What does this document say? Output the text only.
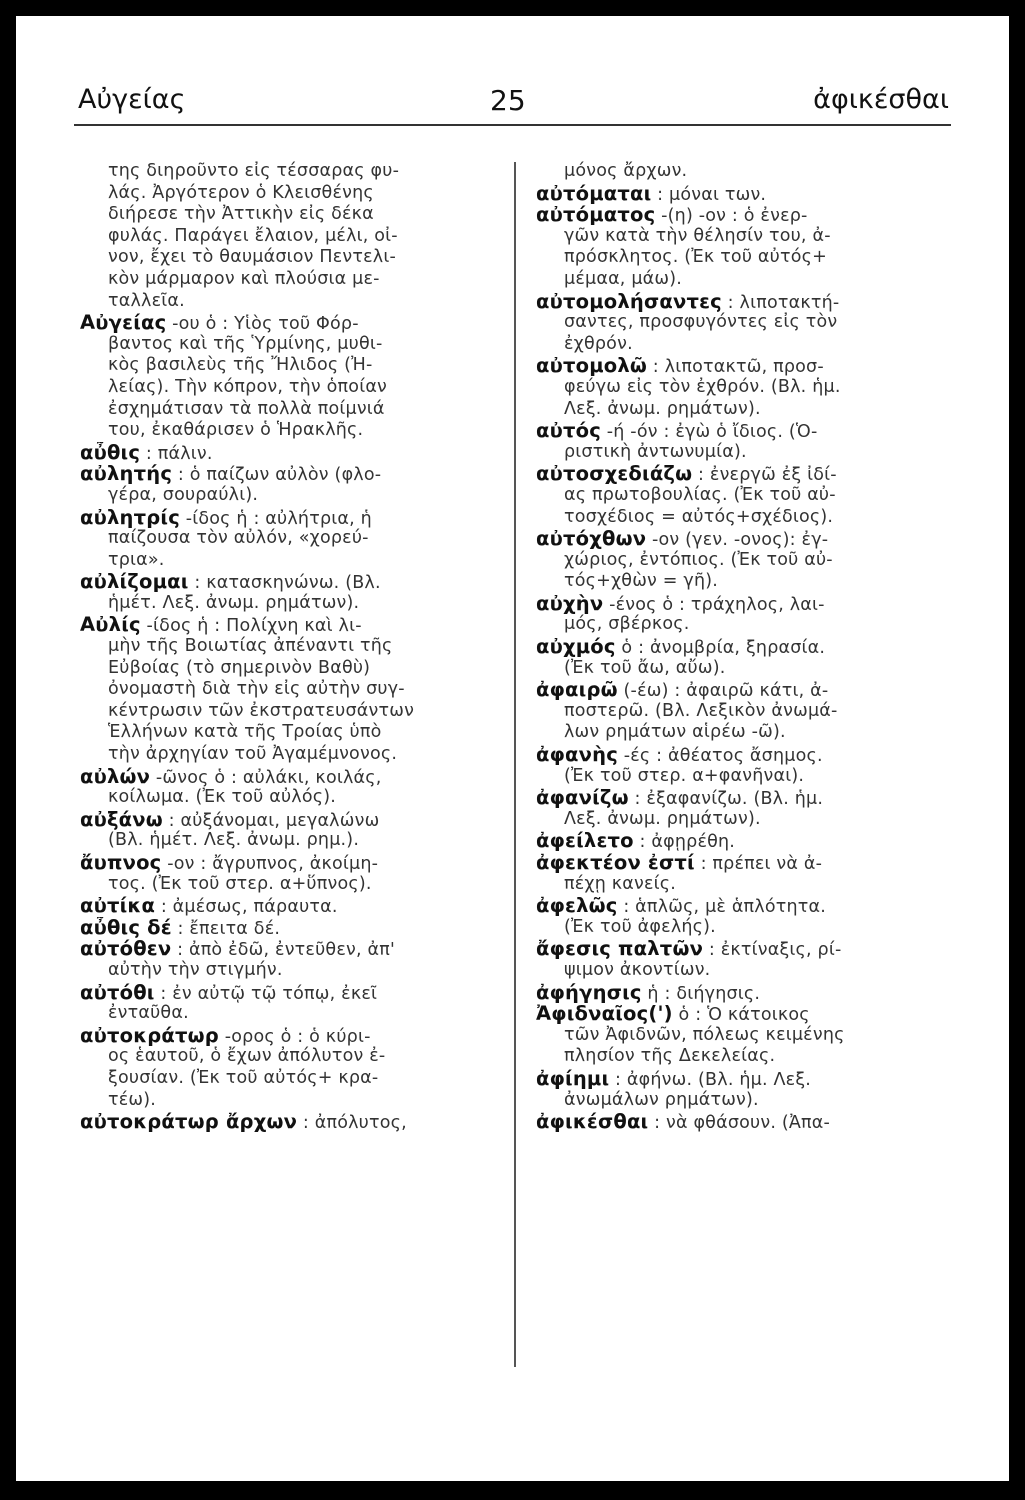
Αὐγείας	25	ἀφικέσθαι
της διηροῦντο εἰς τέσσαρας φυ-
λάς. Ἀργότερον ὁ Κλεισθένης
διήρεσε τὴν Ἀττικὴν εἰς δέκα
φυλάς. Παράγει ἔλαιον, μέλι, οἶ-
νον, ἔχει τὸ θαυμάσιον Πεντελι-
κὸν μάρμαρον καὶ πλούσια με-
ταλλεῖα.
Αὐγείας -ου ὁ : Υἱὸς τοῦ Φόρ-
βαντος καὶ τῆς Ὑρμίνης, μυθι-
κὸς βασιλεὺς τῆς Ἤλιδος (Ἠ-
λείας). Τὴν κόπρον, τὴν ὁποίαν
ἐσχημάτισαν τὰ πολλὰ ποίμνιά
του, ἐκαθάρισεν ὁ Ἡρακλῆς.
αὖθις : πάλιν.
αὐλητής : ὁ παίζων αὐλὸν (φλο-
γέρα, σουραύλι).
αὐλητρίς -ίδος ἡ : αὐλήτρια, ἡ
παίζουσα τὸν αὐλόν, «χορεύ-
τρια».
αὐλίζομαι : κατασκηνώνω. (Βλ.
ἡμέτ. Λεξ. ἀνωμ. ρημάτων).
Αὐλίς -ίδος ἡ : Πολίχνη καὶ λι-
μὴν τῆς Βοιωτίας ἀπέναντι τῆς
Εὐβοίας (τὸ σημερινὸν Βαθὺ)
ὀνομαστὴ διὰ τὴν εἰς αὐτὴν συγ-
κέντρωσιν τῶν ἐκστρατευσάντων
Ἑλλήνων κατὰ τῆς Τροίας ὑπὸ
τὴν ἀρχηγίαν τοῦ Ἀγαμέμνονος.
αὐλών -ῶνος ὁ : αὐλάκι, κοιλάς,
κοίλωμα. (Ἐκ τοῦ αὐλός).
αὐξάνω : αὐξάνομαι, μεγαλώνω
(Βλ. ἡμέτ. Λεξ. ἀνωμ. ρημ.).
ἄυπνος -ον : ἄγρυπνος, ἀκοίμη-
τος. (Ἐκ τοῦ στερ. α+ὕπνος).
αὐτίκα : ἀμέσως, πάραυτα.
αὖθις δέ : ἔπειτα δέ.
αὐτόθεν : ἀπὸ ἐδῶ, ἐντεῦθεν, ἀπ'
αὐτὴν τὴν στιγμήν.
αὐτόθι : ἐν αὐτῷ τῷ τόπῳ, ἐκεῖ
ἐνταῦθα.
αὐτοκράτωρ -ορος ὁ : ὁ κύρι-
ος ἑαυτοῦ, ὁ ἔχων ἀπόλυτον ἐ-
ξουσίαν. (Ἐκ τοῦ αὐτός+ κρα-
τέω).
αὐτοκράτωρ ἄρχων : ἀπόλυτος,
μόνος ἄρχων.
αὐτόμαται : μόναι των.
αὐτόματος -(η) -ον : ὁ ἐνερ-
γῶν κατὰ τὴν θέλησίν του, ἀ-
πρόσκλητος. (Ἐκ τοῦ αὐτός+
μέμαα, μάω).
αὐτομολήσαντες : λιποτακτή-
σαντες, προσφυγόντες εἰς τὸν
ἐχθρόν.
αὐτομολῶ : λιποτακτῶ, προσ-
φεύγω εἰς τὸν ἐχθρόν. (Βλ. ἡμ.
Λεξ. ἀνωμ. ρημάτων).
αὐτός -ή -όν : ἐγὼ ὁ ἴδιος. (Ὁ-
ριστικὴ ἀντωνυμία).
αὐτοσχεδιάζω : ἐνεργῶ ἐξ ἰδί-
ας πρωτοβουλίας. (Ἐκ τοῦ αὐ-
τοσχέδιος = αὐτός+σχέδιος).
αὐτόχθων -ον (γεν. -ονος): ἐγ-
χώριος, ἐντόπιος. (Ἐκ τοῦ αὐ-
τός+χθὼν = γῆ).
αὐχὴν -ένος ὁ : τράχηλος, λαι-
μός, σβέρκος.
αὐχμός ὁ : ἀνομβρία, ξηρασία.
(Ἐκ τοῦ ἄω, αὔω).
ἀφαιρῶ (-έω) : ἀφαιρῶ κάτι, ἀ-
ποστερῶ. (Βλ. Λεξικὸν ἀνωμά-
λων ρημάτων αἱρέω -ῶ).
ἀφανὴς -ές : ἀθέατος ἄσημος.
(Ἐκ τοῦ στερ. α+φανῆναι).
ἀφανίζω : ἐξαφανίζω. (Βλ. ἡμ.
Λεξ. ἀνωμ. ρημάτων).
ἀφείλετο : ἀφῃρέθη.
ἀφεκτέον ἐστί : πρέπει νὰ ἀ-
πέχῃ κανείς.
ἀφελῶς : ἁπλῶς, μὲ ἁπλότητα.
(Ἐκ τοῦ ἀφελής).
ἄφεσις παλτῶν : ἐκτίναξις, ρί-
ψιμον ἀκοντίων.
ἀφήγησις ἡ : διήγησις.
Ἀφιδναῖος(') ὁ : Ὁ κάτοικος
τῶν Ἀφιδνῶν, πόλεως κειμένης
πλησίον τῆς Δεκελείας.
ἀφίημι : ἀφήνω. (Βλ. ἡμ. Λεξ.
ἀνωμάλων ρημάτων).
ἀφικέσθαι : νὰ φθάσουν. (Ἀπα-
